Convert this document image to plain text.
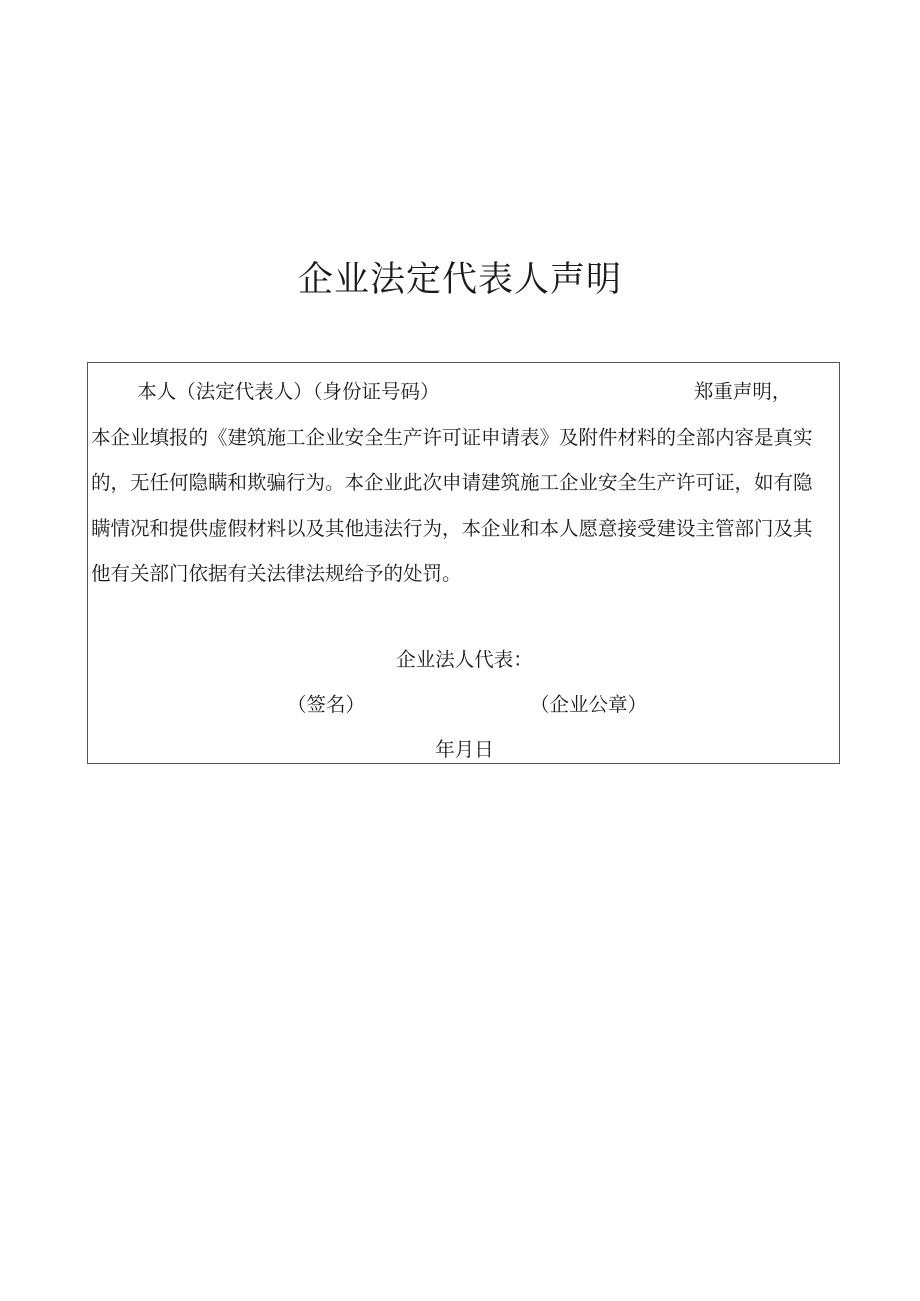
企业法定代表人声明
本人（法定代表人）（身份证号码）	郑重声明，
本企业填报的《建筑施工企业安全生产许可证申请表》及附件材料的全部内容是真实
的，无任何隐瞒和欺骗行为。本企业此次申请建筑施工企业安全生产许可证，如有隐
瞒情况和提供虚假材料以及其他违法行为，本企业和本人愿意接受建设主管部门及其
他有关部门依据有关法律法规给予的处罚。
企业法人代表：
（签名）	（企业公章）
年月日
